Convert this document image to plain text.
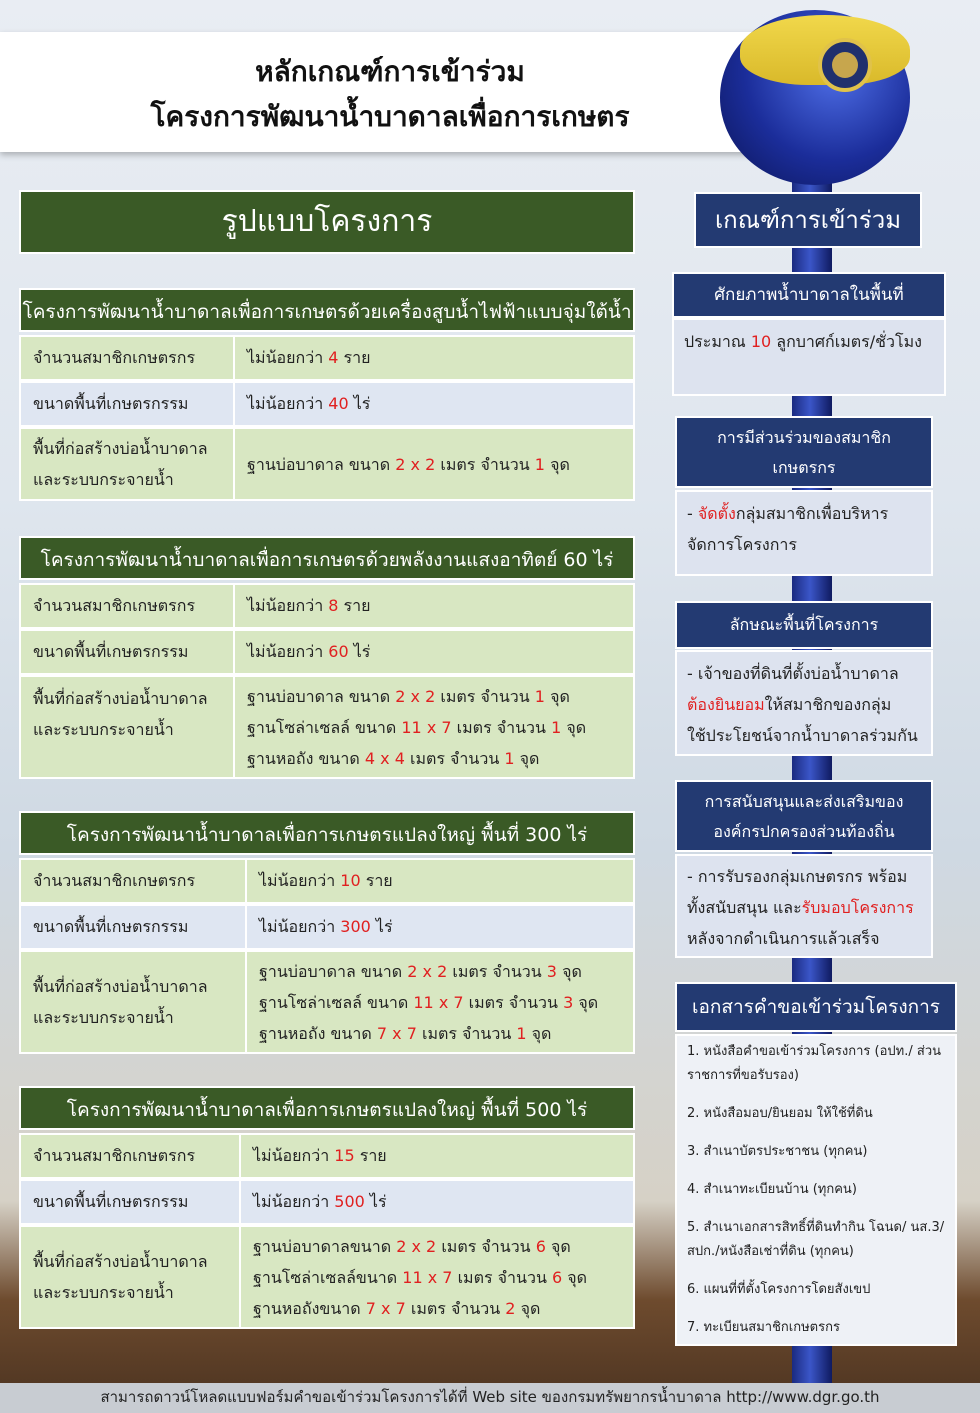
หลักเกณฑ์การเข้าร่วม
โครงการพัฒนาน้ำบาดาลเพื่อการเกษตร
รูปแบบโครงการ
โครงการพัฒนาน้ำบาดาลเพื่อการเกษตรด้วยเครื่องสูบน้ำไฟฟ้าแบบจุ่มใต้น้ำ
จำนวนสมาชิกเกษตรกร	ไม่น้อยกว่า 4 ราย
ขนาดพื้นที่เกษตรกรรม	ไม่น้อยกว่า 40 ไร่
พื้นที่ก่อสร้างบ่อน้ำบาดาล
และระบบกระจายน้ำ
ฐานบ่อบาดาล ขนาด 2 x 2 เมตร จำนวน 1 จุด
โครงการพัฒนาน้ำบาดาลเพื่อการเกษตรด้วยพลังงานแสงอาทิตย์ 60 ไร่
จำนวนสมาชิกเกษตรกร	ไม่น้อยกว่า 8 ราย
ขนาดพื้นที่เกษตรกรรม	ไม่น้อยกว่า 60 ไร่
พื้นที่ก่อสร้างบ่อน้ำบาดาล
และระบบกระจายน้ำ
ฐานบ่อบาดาล ขนาด 2 x 2 เมตร จำนวน 1 จุด
ฐานโซล่าเซลล์ ขนาด 11 x 7 เมตร จำนวน 1 จุด
ฐานหอถัง ขนาด 4 x 4 เมตร จำนวน 1 จุด
โครงการพัฒนาน้ำบาดาลเพื่อการเกษตรแปลงใหญ่ พื้นที่ 300 ไร่
จำนวนสมาชิกเกษตรกร	ไม่น้อยกว่า 10 ราย
ขนาดพื้นที่เกษตรกรรม	ไม่น้อยกว่า 300 ไร่
พื้นที่ก่อสร้างบ่อน้ำบาดาล
และระบบกระจายน้ำ
ฐานบ่อบาดาล ขนาด 2 x 2 เมตร จำนวน 3 จุด
ฐานโซล่าเซลล์ ขนาด 11 x 7 เมตร จำนวน 3 จุด
ฐานหอถัง ขนาด 7 x 7 เมตร จำนวน 1 จุด
โครงการพัฒนาน้ำบาดาลเพื่อการเกษตรแปลงใหญ่ พื้นที่ 500 ไร่
จำนวนสมาชิกเกษตรกร	ไม่น้อยกว่า 15 ราย
ขนาดพื้นที่เกษตรกรรม	ไม่น้อยกว่า 500 ไร่
พื้นที่ก่อสร้างบ่อน้ำบาดาล
และระบบกระจายน้ำ
ฐานบ่อบาดาลขนาด 2 x 2 เมตร จำนวน 6 จุด
ฐานโซล่าเซลล์ขนาด 11 x 7 เมตร จำนวน 6 จุด
ฐานหอถังขนาด 7 x 7 เมตร จำนวน 2 จุด
เกณฑ์การเข้าร่วม
ศักยภาพน้ำบาดาลในพื้นที่
ประมาณ 10 ลูกบาศก์เมตร/ชั่วโมง
การมีส่วนร่วมของสมาชิก
เกษตรกร
- จัดตั้งกลุ่มสมาชิกเพื่อบริหาร
จัดการโครงการ
ลักษณะพื้นที่โครงการ
- เจ้าของที่ดินที่ตั้งบ่อน้ำบาดาล
ต้องยินยอมให้สมาชิกของกลุ่ม
ใช้ประโยชน์จากน้ำบาดาลร่วมกัน
การสนับสนุนและส่งเสริมของ
องค์กรปกครองส่วนท้องถิ่น
- การรับรองกลุ่มเกษตรกร พร้อม
ทั้งสนับสนุน และรับมอบโครงการ
หลังจากดำเนินการแล้วเสร็จ
เอกสารคำขอเข้าร่วมโครงการ
1. หนังสือคำขอเข้าร่วมโครงการ (อปท./ ส่วนราชการที่ขอรับรอง)
2. หนังสือมอบ/ยินยอม ให้ใช้ที่ดิน
3. สำเนาบัตรประชาชน (ทุกคน)
4. สำเนาทะเบียนบ้าน (ทุกคน)
5. สำเนาเอกสารสิทธิ์ที่ดินทำกิน โฉนด/ นส.3/สปก./หนังสือเช่าที่ดิน (ทุกคน)
6. แผนที่ที่ตั้งโครงการโดยสังเขป
7. ทะเบียนสมาชิกเกษตรกร
สามารถดาวน์โหลดแบบฟอร์มคำขอเข้าร่วมโครงการได้ที่ Web site ของกรมทรัพยากรน้ำบาดาล http://www.dgr.go.th
